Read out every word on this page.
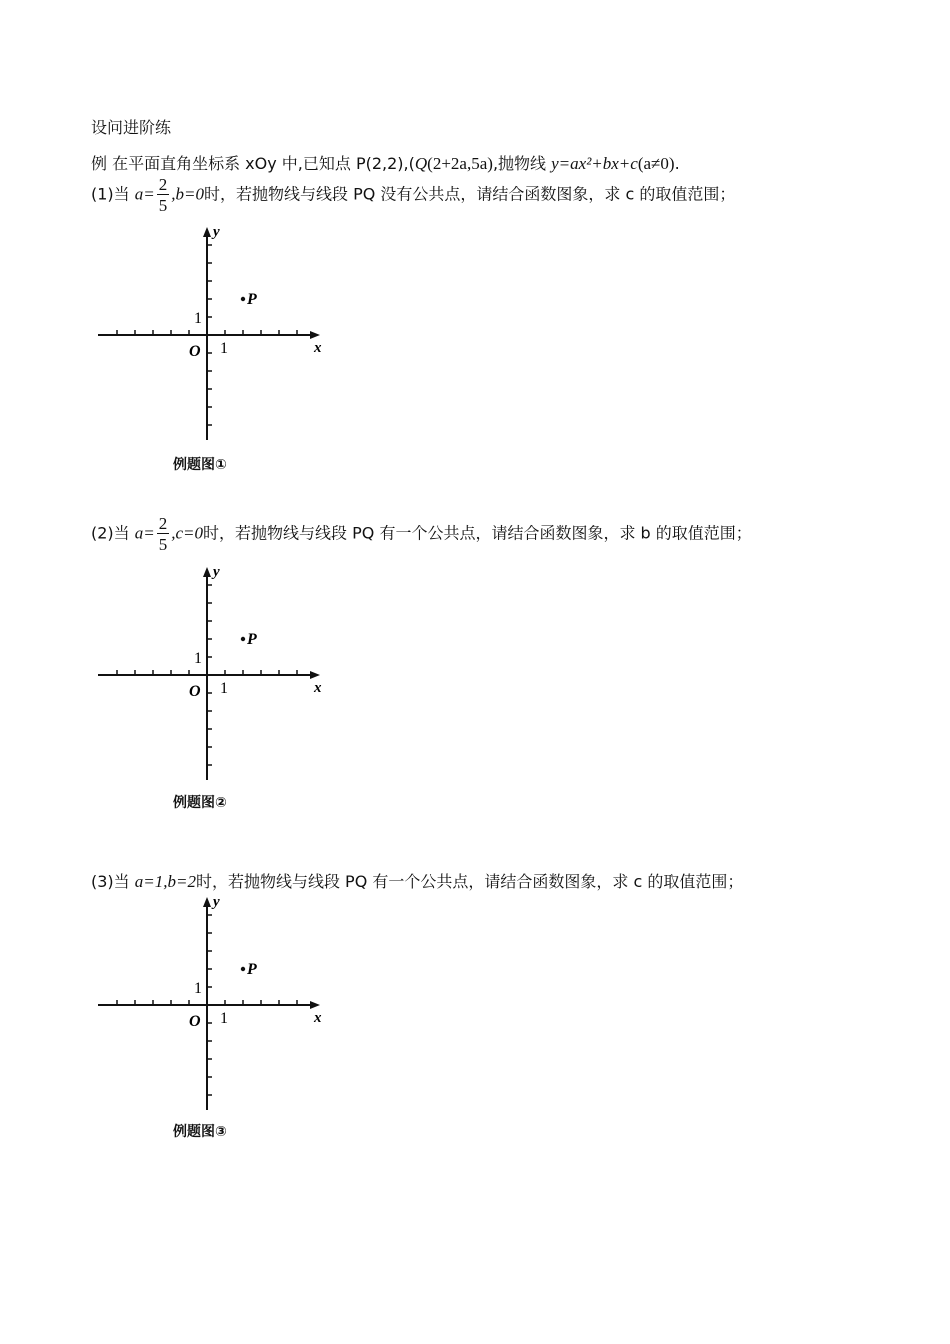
设问进阶练
例 在平面直角坐标系 xOy 中,已知点 P(2,2),(Q(2+2a,5a),抛物线 y=ax²+bx+c(a≠0).
(1)当 $a= \frac{2}{5} ,b=0$时，若抛物线与线段 PQ 没有公共点，请结合函数图象，求 c 的取值范围；
x
y
O 1
1
P
例题图①
(2)当 $a= \frac{2}{5} ,c=0$时，若抛物线与线段 PQ 有一个公共点，请结合函数图象，求 b 的取值范围；
x
y
O 1
1
P
例题图②
(3)当 a=1,b=2时，若抛物线与线段 PQ 有一个公共点，请结合函数图象，求 c 的取值范围；
x
y
O 1
1
P
例题图③
